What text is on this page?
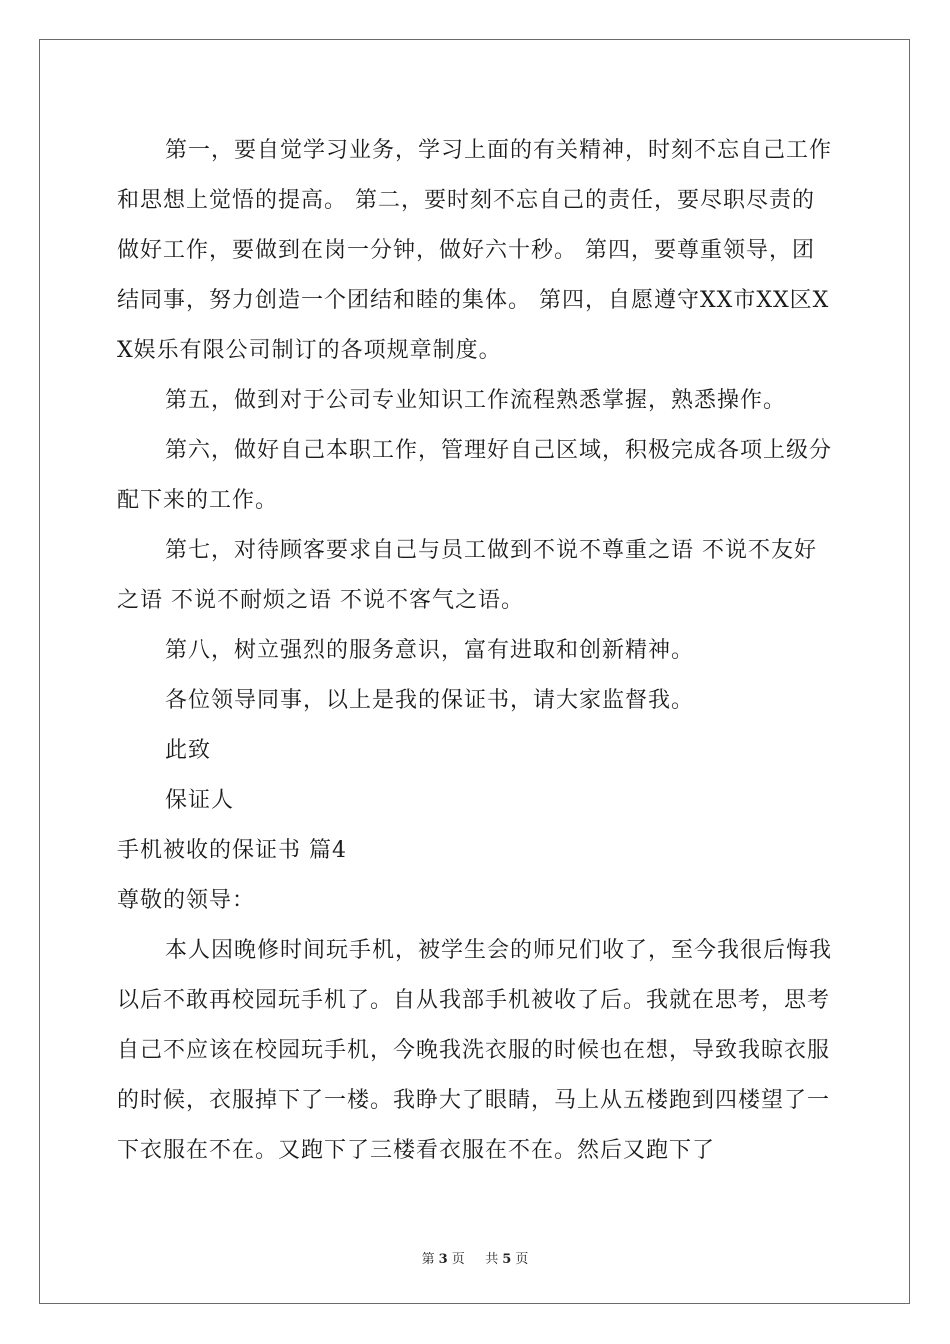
第一，要自觉学习业务，学习上面的有关精神，时刻不忘自己工作和思想上觉悟的提高。 第二，要时刻不忘自己的责任，要尽职尽责的做好工作，要做到在岗一分钟，做好六十秒。 第四，要尊重领导，团结同事，努力创造一个团结和睦的集体。 第四，自愿遵守XX市XX区XX娱乐有限公司制订的各项规章制度。

第五，做到对于公司专业知识工作流程熟悉掌握，熟悉操作。

第六，做好自己本职工作，管理好自己区域，积极完成各项上级分配下来的工作。

第七，对待顾客要求自己与员工做到不说不尊重之语 不说不友好之语 不说不耐烦之语 不说不客气之语。

第八，树立强烈的服务意识，富有进取和创新精神。

各位领导同事，以上是我的保证书，请大家监督我。

此致

保证人

手机被收的保证书 篇4

尊敬的领导：

本人因晚修时间玩手机，被学生会的师兄们收了，至今我很后悔我以后不敢再校园玩手机了。自从我部手机被收了后。我就在思考，思考自己不应该在校园玩手机，今晚我洗衣服的时候也在想，导致我晾衣服的时候，衣服掉下了一楼。我睁大了眼睛，马上从五楼跑到四楼望了一下衣服在不在。又跑下了三楼看衣服在不在。然后又跑下了

第 3 页 共 5 页
